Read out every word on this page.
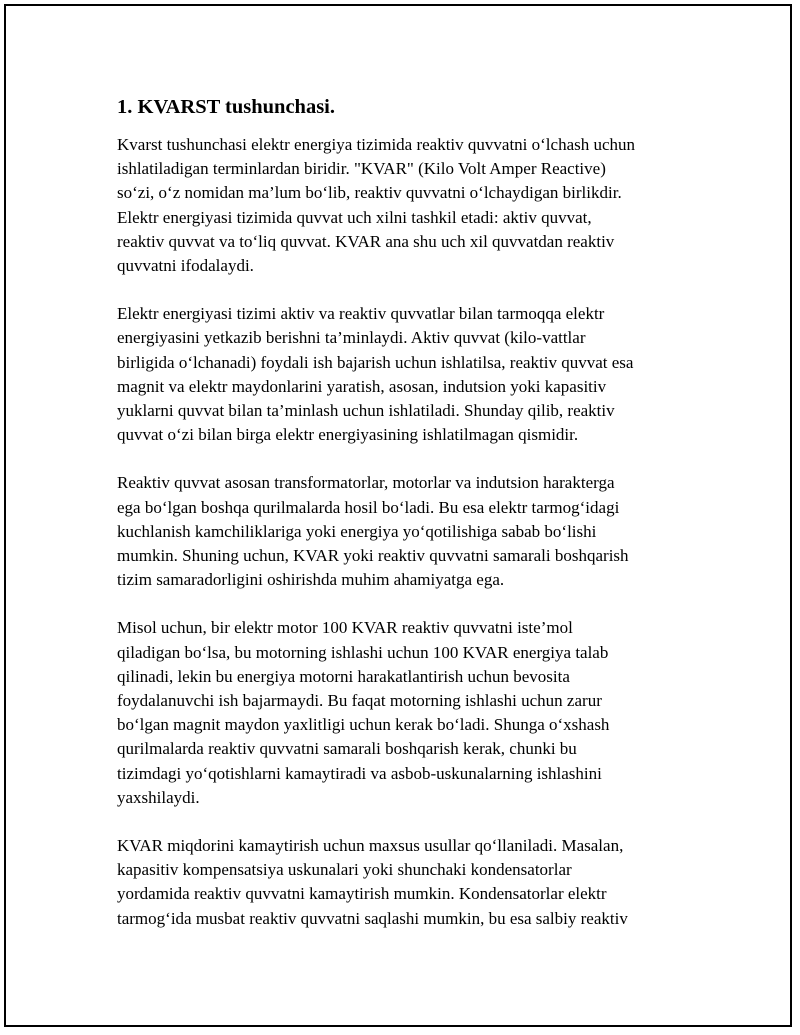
1. KVARST tushunchasi.
Kvarst tushunchasi elektr energiya tizimida reaktiv quvvatni o‘lchash uchun
ishlatiladigan terminlardan biridir. "KVAR" (Kilo Volt Amper Reactive)
so‘zi, o‘z nomidan ma’lum bo‘lib, reaktiv quvvatni o‘lchaydigan birlikdir.
Elektr energiyasi tizimida quvvat uch xilni tashkil etadi: aktiv quvvat,
reaktiv quvvat va to‘liq quvvat. KVAR ana shu uch xil quvvatdan reaktiv
quvvatni ifodalaydi.
Elektr energiyasi tizimi aktiv va reaktiv quvvatlar bilan tarmoqqa elektr
energiyasini yetkazib berishni ta’minlaydi. Aktiv quvvat (kilo-vattlar
birligida o‘lchanadi) foydali ish bajarish uchun ishlatilsa, reaktiv quvvat esa
magnit va elektr maydonlarini yaratish, asosan, indutsion yoki kapasitiv
yuklarni quvvat bilan ta’minlash uchun ishlatiladi. Shunday qilib, reaktiv
quvvat o‘zi bilan birga elektr energiyasining ishlatilmagan qismidir.
Reaktiv quvvat asosan transformatorlar, motorlar va indutsion harakterga
ega bo‘lgan boshqa qurilmalarda hosil bo‘ladi. Bu esa elektr tarmog‘idagi
kuchlanish kamchiliklariga yoki energiya yo‘qotilishiga sabab bo‘lishi
mumkin. Shuning uchun, KVAR yoki reaktiv quvvatni samarali boshqarish
tizim samaradorligini oshirishda muhim ahamiyatga ega.
Misol uchun, bir elektr motor 100 KVAR reaktiv quvvatni iste’mol
qiladigan bo‘lsa, bu motorning ishlashi uchun 100 KVAR energiya talab
qilinadi, lekin bu energiya motorni harakatlantirish uchun bevosita
foydalanuvchi ish bajarmaydi. Bu faqat motorning ishlashi uchun zarur
bo‘lgan magnit maydon yaxlitligi uchun kerak bo‘ladi. Shunga o‘xshash
qurilmalarda reaktiv quvvatni samarali boshqarish kerak, chunki bu
tizimdagi yo‘qotishlarni kamaytiradi va asbob-uskunalarning ishlashini
yaxshilaydi.
KVAR miqdorini kamaytirish uchun maxsus usullar qo‘llaniladi. Masalan,
kapasitiv kompensatsiya uskunalari yoki shunchaki kondensatorlar
yordamida reaktiv quvvatni kamaytirish mumkin. Kondensatorlar elektr
tarmog‘ida musbat reaktiv quvvatni saqlashi mumkin, bu esa salbiy reaktiv
